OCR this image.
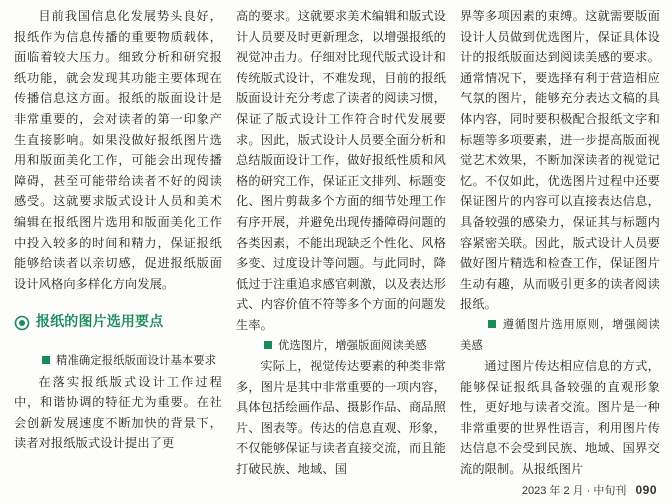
目前我国信息化发展势头良好，报纸作为信息传播的重要物质载体，面临着较大压力。细致分析和研究报纸功能，就会发现其功能主要体现在传播信息这方面。报纸的版面设计是非常重要的，会对读者的第一印象产生直接影响。如果没做好报纸图片选用和版面美化工作，可能会出现传播障碍，甚至可能带给读者不好的阅读感受。这就要求版式设计人员和美术编辑在报纸图片选用和版面美化工作中投入较多的时间和精力，保证报纸能够给读者以亲切感，促进报纸版面设计风格向多样化方向发展。

报纸的图片选用要点

精准确定报纸版面设计基本要求

在落实报纸版式设计工作过程中，和谐协调的特征尤为重要。在社会创新发展速度不断加快的背景下，读者对报纸版式设计提出了更

高的要求。这就要求美术编辑和版式设计人员要及时更新理念，以增强报纸的视觉冲击力。仔细对比现代版式设计和传统版式设计，不难发现，目前的报纸版面设计充分考虑了读者的阅读习惯，保证了版式设计工作符合时代发展要求。因此，版式设计人员要全面分析和总结版面设计工作，做好报纸性质和风格的研究工作，保证正文排列、标题变化、图片剪裁多个方面的细节处理工作有序开展，并避免出现传播障碍问题的各类因素，不能出现缺乏个性化、风格多变、过度设计等问题。与此同时，降低过于注重追求感官刺激，以及表达形式、内容价值不符等多个方面的问题发生率。

优选图片，增强版面阅读美感

实际上，视觉传达要素的种类非常多，图片是其中非常重要的一项内容，具体包括绘画作品、摄影作品、商品照片、图表等。传达的信息直观、形象，不仅能够保证与读者直接交流，而且能打破民族、地域、国

界等多项因素的束缚。这就需要版面设计人员做到优选图片，保证具体设计的报纸版面达到阅读美感的要求。通常情况下，要选择有利于营造相应气氛的图片，能够充分表达文稿的具体内容，同时要积极配合报纸文字和标题等多项要素，进一步提高版面视觉艺术效果，不断加深读者的视觉记忆。不仅如此，优选图片过程中还要保证图片的内容可以直接表达信息，具备较强的感染力，保证其与标题内容紧密关联。因此，版式设计人员要做好图片精选和检查工作，保证图片生动有趣，从而吸引更多的读者阅读报纸。

遵循图片选用原则，增强阅读美感

通过图片传达相应信息的方式，能够保证报纸具备较强的直观形象性，更好地与读者交流。图片是一种非常重要的世界性语言，利用图片传达信息不会受到民族、地域、国界交流的限制。从报纸图片

2023 年 2 月 · 中旬刊 090
